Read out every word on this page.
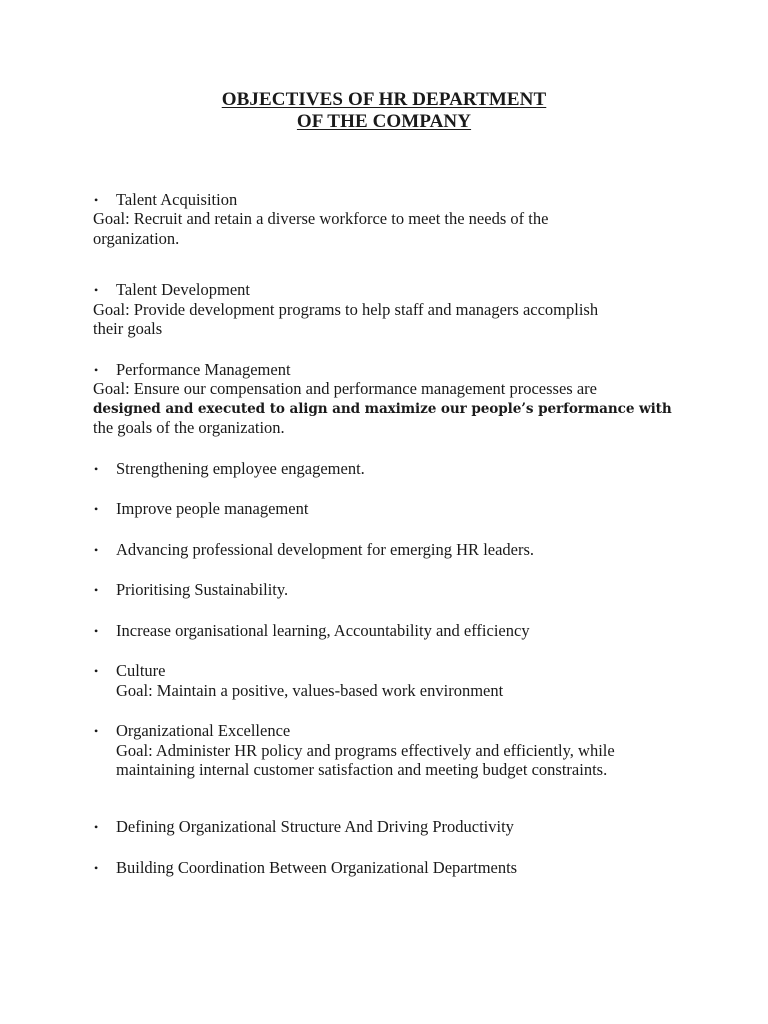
OBJECTIVES OF HR DEPARTMENT
OF THE COMPANY
• Talent Acquisition
Goal: Recruit and retain a diverse workforce to meet the needs of the
organization.
• Talent Development
Goal: Provide development programs to help staff and managers accomplish
their goals
• Performance Management
Goal: Ensure our compensation and performance management processes are
designed and executed to align and maximize our people’s performance with
the goals of the organization.
• Strengthening employee engagement.
• Improve people management
• Advancing professional development for emerging HR leaders.
• Prioritising Sustainability.
• Increase organisational learning, Accountability and efficiency
• Culture
Goal: Maintain a positive, values-based work environment
• Organizational Excellence
Goal: Administer HR policy and programs effectively and efficiently, while
maintaining internal customer satisfaction and meeting budget constraints.
• Defining Organizational Structure And Driving Productivity
• Building Coordination Between Organizational Departments
